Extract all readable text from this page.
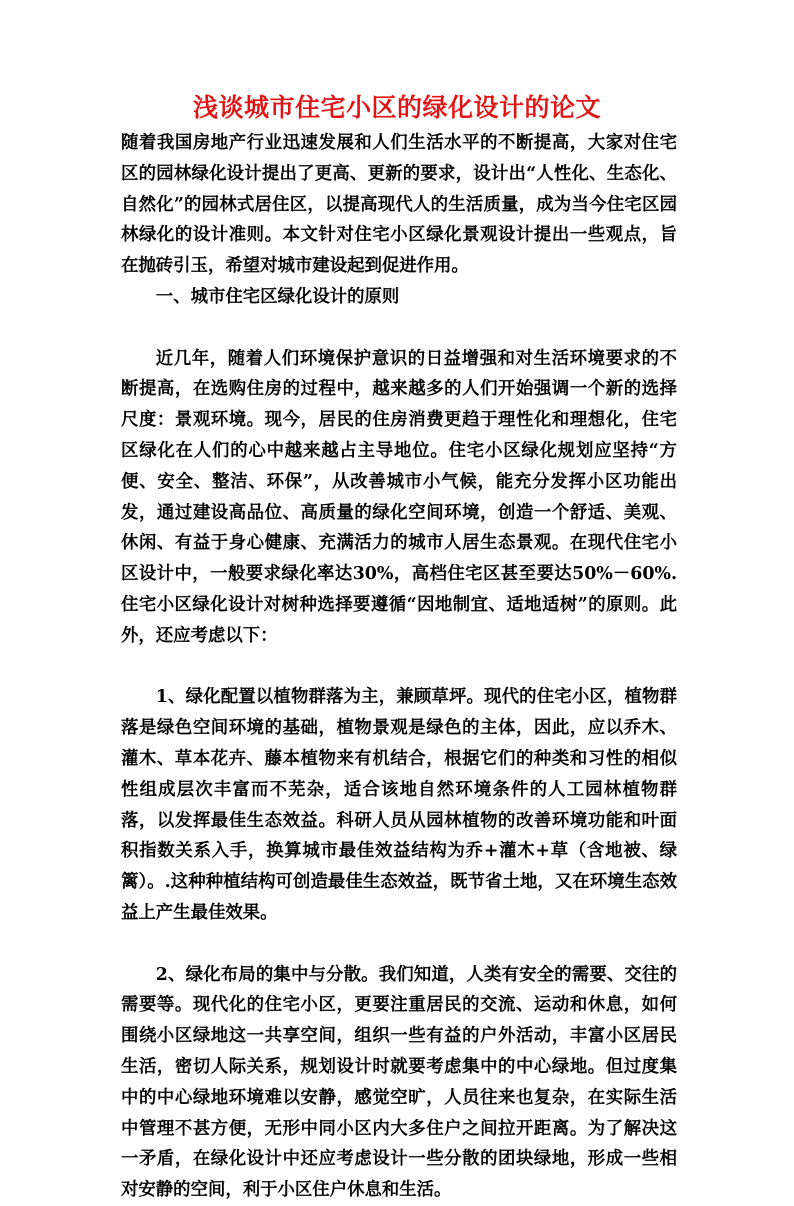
浅谈城市住宅小区的绿化设计的论文

随着我国房地产行业迅速发展和人们生活水平的不断提高，大家对住宅区的园林绿化设计提出了更高、更新的要求，设计出“人性化、生态化、自然化”的园林式居住区，以提高现代人的生活质量，成为当今住宅区园林绿化的设计准则。本文针对住宅小区绿化景观设计提出一些观点，旨在抛砖引玉，希望对城市建设起到促进作用。

一、城市住宅区绿化设计的原则

近几年，随着人们环境保护意识的日益增强和对生活环境要求的不断提高，在选购住房的过程中，越来越多的人们开始强调一个新的选择尺度：景观环境。现今，居民的住房消费更趋于理性化和理想化，住宅区绿化在人们的心中越来越占主导地位。住宅小区绿化规划应坚持“方便、安全、整洁、环保”，从改善城市小气候，能充分发挥小区功能出发，通过建设高品位、高质量的绿化空间环境，创造一个舒适、美观、休闲、有益于身心健康、充满活力的城市人居生态景观。在现代住宅小区设计中，一般要求绿化率达30%，高档住宅区甚至要达50%－60%.住宅小区绿化设计对树种选择要遵循“因地制宜、适地适树”的原则。此外，还应考虑以下：

1、绿化配置以植物群落为主，兼顾草坪。现代的住宅小区，植物群落是绿色空间环境的基础，植物景观是绿色的主体，因此，应以乔木、灌木、草本花卉、藤本植物来有机结合，根据它们的种类和习性的相似性组成层次丰富而不芜杂，适合该地自然环境条件的人工园林植物群落，以发挥最佳生态效益。科研人员从园林植物的改善环境功能和叶面积指数关系入手，换算城市最佳效益结构为乔+灌木+草（含地被、绿篱）。.这种种植结构可创造最佳生态效益，既节省土地，又在环境生态效益上产生最佳效果。

2、绿化布局的集中与分散。我们知道，人类有安全的需要、交往的需要等。现代化的住宅小区，更要注重居民的交流、运动和休息，如何围绕小区绿地这一共享空间，组织一些有益的户外活动，丰富小区居民生活，密切人际关系，规划设计时就要考虑集中的中心绿地。但过度集中的中心绿地环境难以安静，感觉空旷，人员往来也复杂，在实际生活中管理不甚方便，无形中同小区内大多住户之间拉开距离。为了解决这一矛盾，在绿化设计中还应考虑设计一些分散的团块绿地，形成一些相对安静的空间，利于小区住户休息和生活。
